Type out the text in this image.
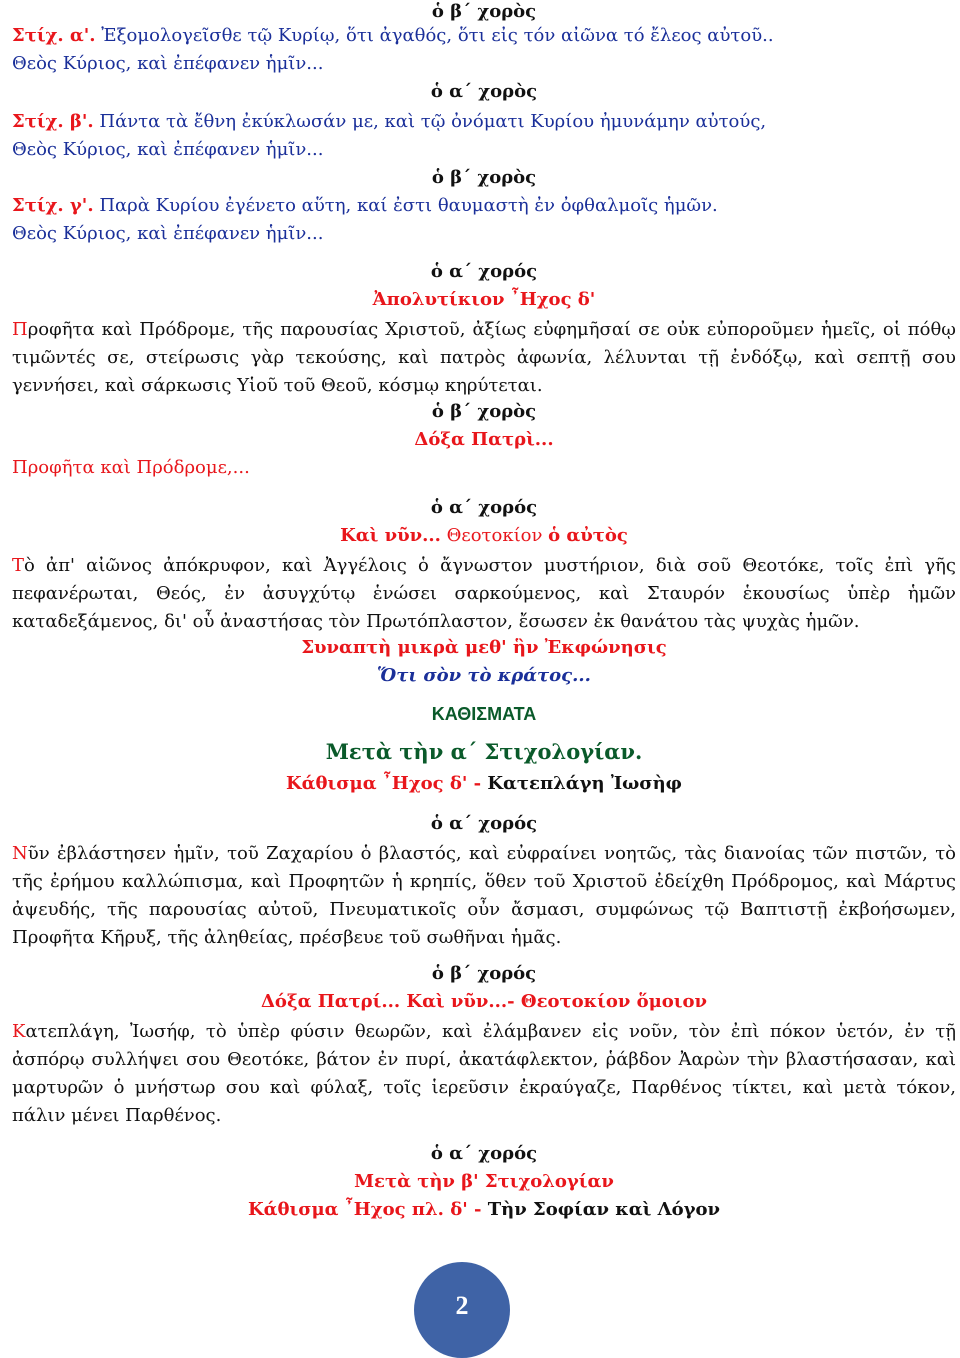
ὁ β΄ χορὸς
Στίχ. α'. Ἐξομολογεῖσθε τῷ Κυρίῳ, ὅτι ἀγαθός, ὅτι εἰς τόν αἰῶνα τό ἔλεος αὐτοῦ..
Θεὸς Κύριος, καὶ ἐπέφανεν ἡμῖν...
ὁ α΄ χορὸς
Στίχ. β'. Πάντα τὰ ἔθνη ἐκύκλωσάν με, καὶ τῷ ὀνόματι Κυρίου ἠμυνάμην αὐτούς,
Θεὸς Κύριος, καὶ ἐπέφανεν ἡμῖν...
ὁ β΄ χορὸς
Στίχ. γ'. Παρὰ Κυρίου ἐγένετο αὕτη, καί ἐστι θαυμαστὴ ἐν ὀφθαλμοῖς ἡμῶν.
Θεὸς Κύριος, καὶ ἐπέφανεν ἡμῖν...
ὁ α΄ χορός
Ἀπολυτίκιον ῏Ηχος δ'
Προφῆτα καὶ Πρόδρομε, τῆς παρουσίας Χριστοῦ, ἀξίως εὐφημῆσαί σε οὐκ εὐποροῦμεν ἡμεῖς, οἱ πόθῳ τιμῶντές σε, στείρωσις γὰρ τεκούσης, καὶ πατρὸς ἀφωνία, λέλυνται τῇ ἐνδόξῳ, καὶ σεπτῇ σου γεννήσει, καὶ σάρκωσις Υἱοῦ τοῦ Θεοῦ, κόσμῳ κηρύτεται.
ὁ β΄ χορὸς
Δόξα Πατρὶ...
Προφῆτα καὶ Πρόδρομε,...
ὁ α΄ χορός
Καὶ νῦν... Θεοτοκίον ὁ αὐτὸς
Τὸ ἀπ' αἰῶνος ἀπόκρυφον, καὶ Ἀγγέλοις ὁ ἄγνωστον μυστήριον, διὰ σοῦ Θεοτόκε, τοῖς ἐπὶ γῆς πεφανέρωται, Θεός, ἐν ἀσυγχύτῳ ἑνώσει σαρκούμενος, καὶ Σταυρόν ἑκουσίως ὑπὲρ ἡμῶν καταδεξάμενος, δι' οὗ ἀναστήσας τὸν Πρωτόπλαστον, ἔσωσεν ἐκ θανάτου τὰς ψυχὰς ἡμῶν.
Συναπτὴ μικρὰ μεθ' ἣν Ἐκφώνησις
Ὅτι σὸν τὸ κράτος...
ΚΑΘΙΣΜΑΤΑ
Μετὰ τὴν α΄ Στιχολογίαν.
Κάθισμα ῏Ηχος δ' - Κατεπλάγη Ἰωσὴφ
ὁ α΄ χορός
Νῦν ἐβλάστησεν ἡμῖν, τοῦ Ζαχαρίου ὁ βλαστός, καὶ εὐφραίνει νοητῶς, τὰς διανοίας τῶν πιστῶν, τὸ τῆς ἐρήμου καλλώπισμα, καὶ Προφητῶν ἡ κρηπίς, ὅθεν τοῦ Χριστοῦ ἐδείχθη Πρόδρομος, καὶ Μάρτυς ἀψευδής, τῆς παρουσίας αὐτοῦ, Πνευματικοῖς οὖν ἄσμασι, συμφώνως τῷ Βαπτιστῇ ἐκβοήσωμεν, Προφῆτα Κῆρυξ, τῆς ἀληθείας, πρέσβευε τοῦ σωθῆναι ἡμᾶς.
ὁ β΄ χορός
Δόξα Πατρί... Καὶ νῦν...- Θεοτοκίον ὅμοιον
Κατεπλάγη, Ἰωσήφ, τὸ ὑπὲρ φύσιν θεωρῶν, καὶ ἐλάμβανεν εἰς νοῦν, τὸν ἐπὶ πόκον ὑετόν, ἐν τῇ ἀσπόρῳ συλλήψει σου Θεοτόκε, βάτον ἐν πυρί, ἀκατάφλεκτον, ῥάβδον Ἀαρὼν τὴν βλαστήσασαν, καὶ μαρτυρῶν ὁ μνήστωρ σου καὶ φύλαξ, τοῖς ἱερεῦσιν ἐκραύγαζε, Παρθένος τίκτει, καὶ μετὰ τόκον, πάλιν μένει Παρθένος.
ὁ α΄ χορός
Μετὰ τὴν β' Στιχολογίαν
Κάθισμα ῏Ηχος πλ. δ' - Τὴν Σοφίαν καὶ Λόγον
2
